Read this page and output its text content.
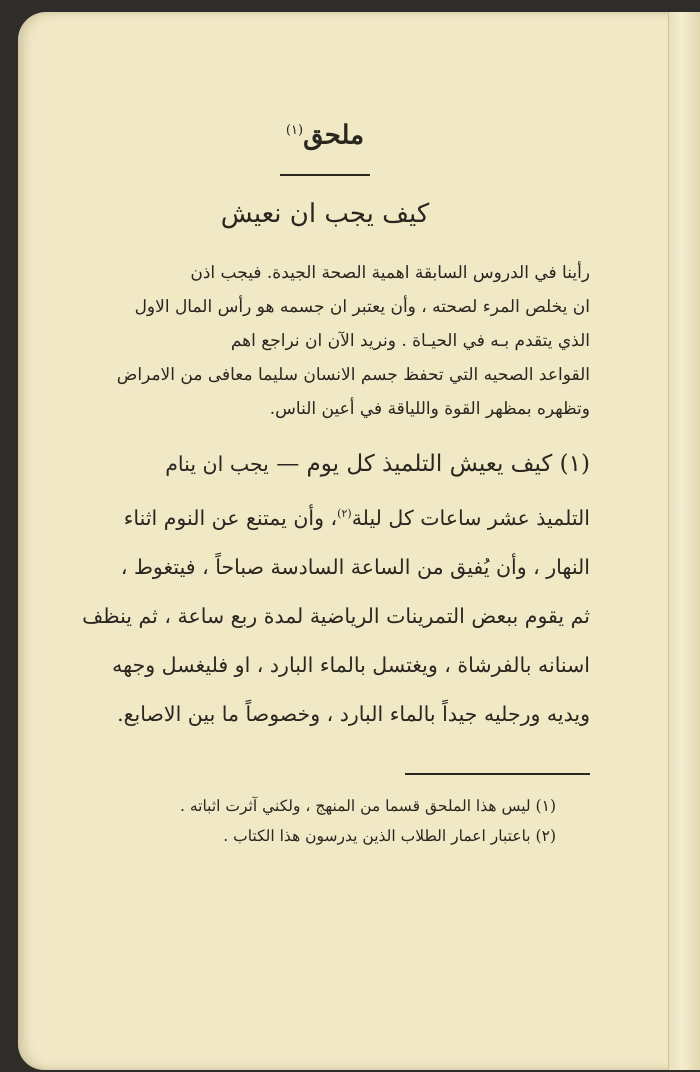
ملحق$^{(١)}$
كيف يجب ان نعيش

رأينا في الدروس السابقة اهمية الصحة الجيدة. فيجب اذن

ان يخلص المرء لصحته ، وأن يعتبر ان جسمه هو رأس المال الاول

الذي يتقدم بـه في الحيـاة . ونريد الآن ان نراجع اهم

القواعد الصحيه التي تحفظ جسم الانسان سليما معافى من الامراض

وتظهره بمظهر القوة واللياقة في أعين الناس.

(١) كيف يعيش التلميذ كل يوم — يجب ان ينام

التلميذ عشر ساعات كل ليلة$^{(٢)}$، وأن يمتنع عن النوم اثناء

النهار ، وأن يُفيق من الساعة السادسة صباحاً ، فيتغوط ،

ثم يقوم ببعض التمرينات الرياضية لمدة ربع ساعة ، ثم ينظف

اسنانه بالفرشاة ، ويغتسل بالماء البارد ، او فليغسل وجهه

ويديه ورجليه جيداً بالماء البارد ، وخصوصاً ما بين الاصابع.

(١) ليس هذا الملحق قسما من المنهج ، ولكني آثرت اثباته .

(٢) باعتبار اعمار الطلاب الذين يدرسون هذا الكتاب .
